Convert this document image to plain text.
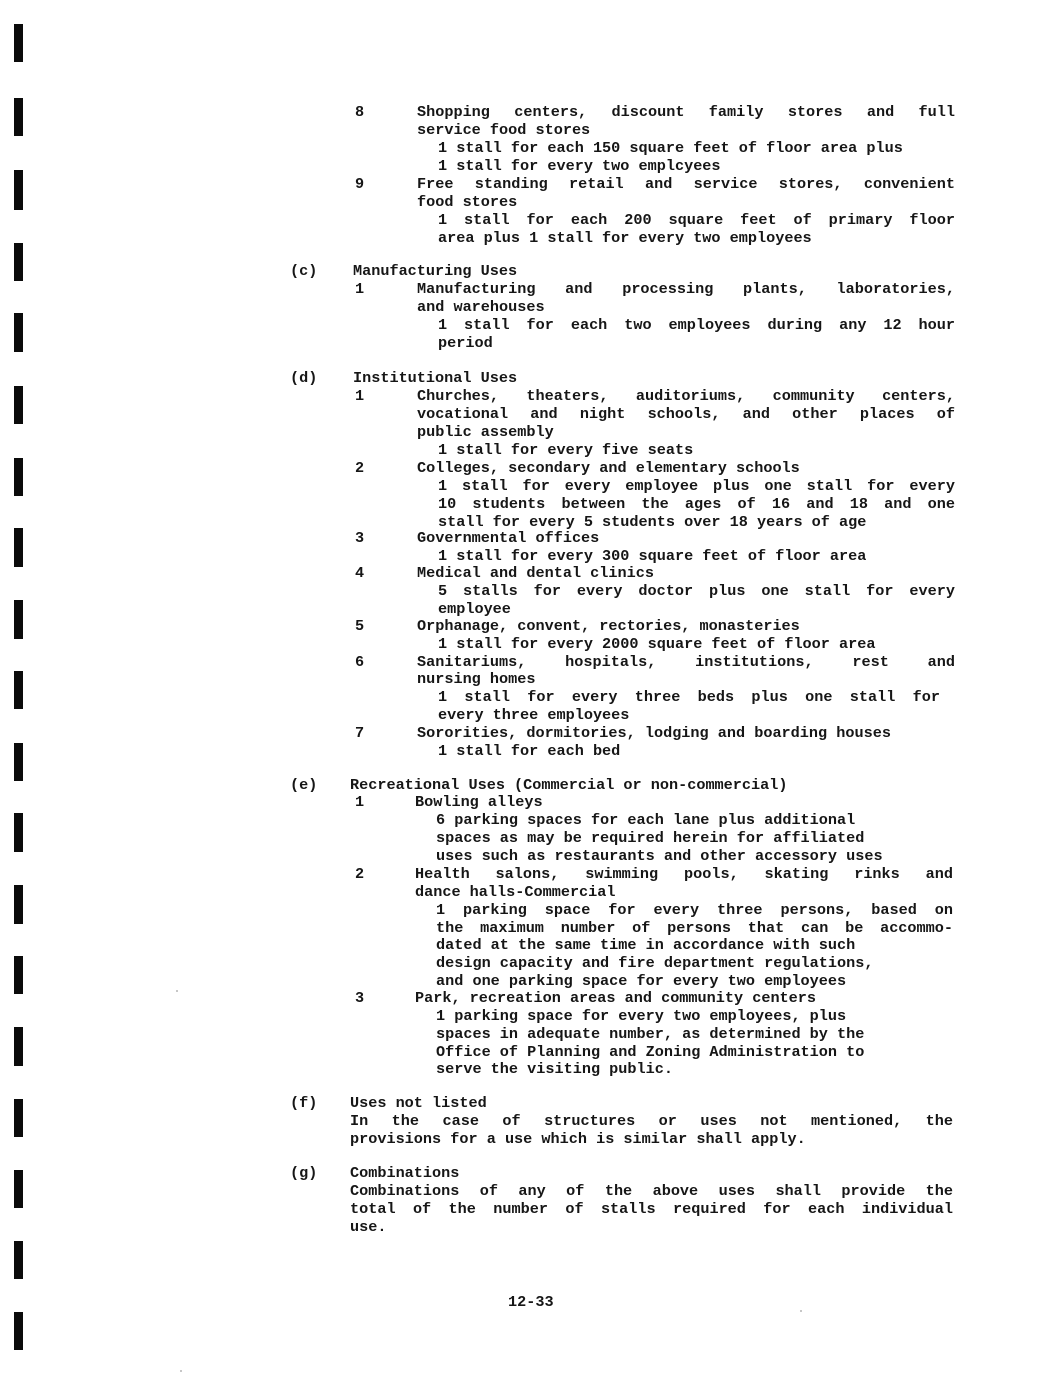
8	Shopping centers, discount family stores and full
service food stores
1 stall for each 150 square feet of floor area plus
1 stall for every two emplcyees
9	Free standing retail and service stores, convenient
food stores
1 stall for each 200 square feet of primary floor
area plus 1 stall for every two employees
(c) Manufacturing Uses
1	Manufacturing and processing plants, laboratories,
and warehouses
1 stall for each two employees during any 12 hour
period
(d) Institutional Uses
1	Churches, theaters, auditoriums, community centers,
vocational and night schools, and other places of
public assembly
1 stall for every five seats
2	Colleges, secondary and elementary schools
1 stall for every employee plus one stall for every
10 students between the ages of 16 and 18 and one
stall for every 5 students over 18 years of age
3	Governmental offices
1 stall for every 300 square feet of floor area
4	Medical and dental clinics
5 stalls for every doctor plus one stall for every
employee
5	Orphanage, convent, rectories, monasteries
1 stall for every 2000 square feet of floor area
6	Sanitariums, hospitals, institutions, rest and
nursing homes
1 stall for every three beds plus one stall for
every three employees
7	Sororities, dormitories, lodging and boarding houses
1 stall for each bed
(e) Recreational Uses (Commercial or non-commercial)
1	Bowling alleys
6 parking spaces for each lane plus additional
spaces as may be required herein for affiliated
uses such as restaurants and other accessory uses
2	Health salons, swimming pools, skating rinks and
dance halls-Commercial
1 parking space for every three persons, based on
the maximum number of persons that can be accommo-
dated at the same time in accordance with such
design capacity and fire department regulations,
and one parking space for every two employees
3	Park, recreation areas and community centers
1 parking space for every two employees, plus
spaces in adequate number, as determined by the
Office of Planning and Zoning Administration to
serve the visiting public.
(f) Uses not listed
In the case of structures or uses not mentioned, the
provisions for a use which is similar shall apply.
(g) Combinations
Combinations of any of the above uses shall provide the
total of the number of stalls required for each individual
use.
12-33
